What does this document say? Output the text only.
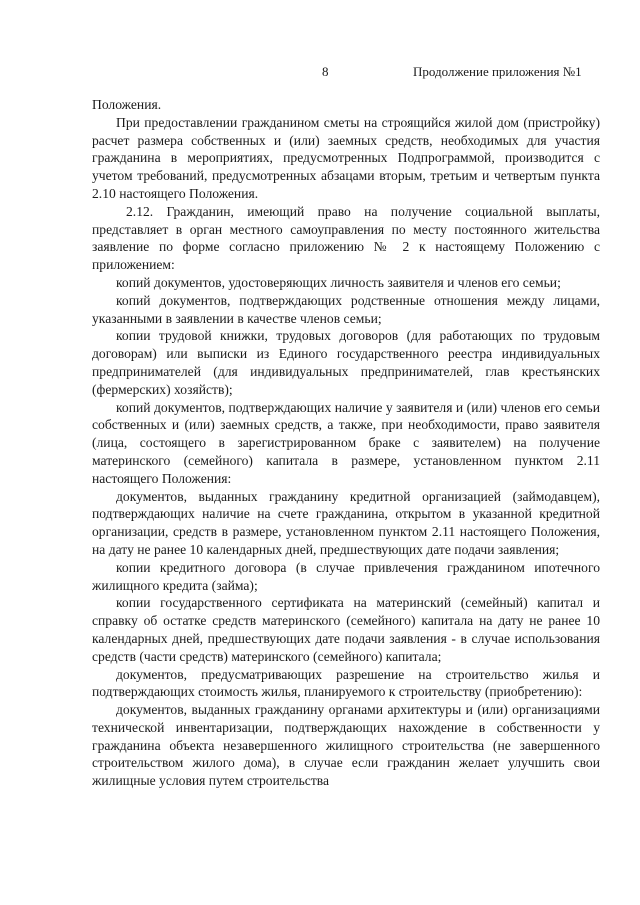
8	Продолжение приложения №1

Положения.

При предоставлении гражданином сметы на строящийся жилой дом (пристройку) расчет размера собственных и (или) заемных средств, необходимых для участия гражданина в мероприятиях, предусмотренных Подпрограммой, производится с учетом требований, предусмотренных абзацами вторым, третьим и четвертым пункта 2.10 настоящего Положения.

2.12. Гражданин, имеющий право на получение социальной выплаты, представляет в орган местного самоуправления по месту постоянного жительства заявление по форме согласно приложению № 2 к настоящему Положению с приложением:

копий документов, удостоверяющих личность заявителя и членов его семьи;

копий документов, подтверждающих родственные отношения между лицами, указанными в заявлении в качестве членов семьи;

копии трудовой книжки, трудовых договоров (для работающих по трудовым договорам) или выписки из Единого государственного реестра индивидуальных предпринимателей (для индивидуальных предпринимателей, глав крестьянских (фермерских) хозяйств);

копий документов, подтверждающих наличие у заявителя и (или) членов его семьи собственных и (или) заемных средств, а также, при необходимости, право заявителя (лица, состоящего в зарегистрированном браке с заявителем) на получение материнского (семейного) капитала в размере, установленном пунктом 2.11 настоящего Положения:

документов, выданных гражданину кредитной организацией (займодавцем), подтверждающих наличие на счете гражданина, открытом в указанной кредитной организации, средств в размере, установленном пунктом 2.11 настоящего Положения, на дату не ранее 10 календарных дней, предшествующих дате подачи заявления;

копии кредитного договора (в случае привлечения гражданином ипотечного жилищного кредита (займа);

копии государственного сертификата на материнский (семейный) капитал и справку об остатке средств материнского (семейного) капитала на дату не ранее 10 календарных дней, предшествующих дате подачи заявления - в случае использования средств (части средств) материнского (семейного) капитала;

документов, предусматривающих разрешение на строительство жилья и подтверждающих стоимость жилья, планируемого к строительству (приобретению):

документов, выданных гражданину органами архитектуры и (или) организациями технической инвентаризации, подтверждающих нахождение в собственности у гражданина объекта незавершенного жилищного строительства (не завершенного строительством жилого дома), в случае если гражданин желает улучшить свои жилищные условия путем строительства
